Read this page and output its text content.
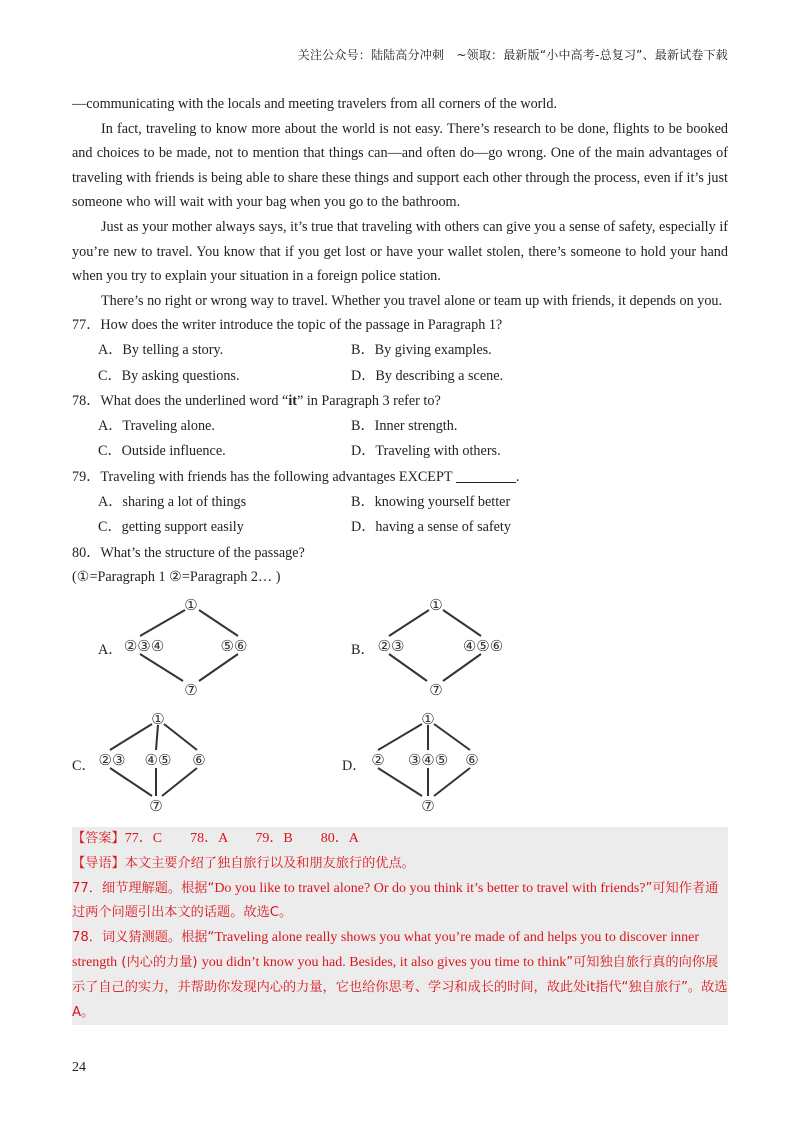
关注公众号：陆陆高分冲刺　~领取：最新版“小中高考-总复习”、最新试卷下载

—communicating with the locals and meeting travelers from all corners of the world.

In fact, traveling to know more about the world is not easy. There’s research to be done, flights to be booked and choices to be made, not to mention that things can—and often do—go wrong. One of the main advantages of traveling with friends is being able to share these things and support each other through the process, even if it’s just someone who will wait with your bag when you go to the bathroom.

Just as your mother always says, it’s true that traveling with others can give you a sense of safety, especially if you’re new to travel. You know that if you get lost or have your wallet stolen, there’s someone to hold your hand when you try to explain your situation in a foreign police station.

There’s no right or wrong way to travel. Whether you travel alone or team up with friends, it depends on you.

77．How does the writer introduce the topic of the passage in Paragraph 1?

A．By telling a story.	B．By giving examples.
C．By asking questions.	D．By describing a scene.

78．What does the underlined word “it” in Paragraph 3 refer to?

A．Traveling alone.	B．Inner strength.
C．Outside influence.	D．Traveling with others.

79．Traveling with friends has the following advantages EXCEPT	.

A．sharing a lot of things	B．knowing yourself better
C．getting support easily	D．having a sense of safety

80．What’s the structure of the passage?

(①=Paragraph 1 ②=Paragraph 2… )

A．
①
②③④	⑤⑥
⑦
B．
①
②③	④⑤⑥
⑦
C．
①
②③ ④⑤ ⑥
⑦
D．
①
② ③④⑤ ⑥
⑦

【答案】77．C　　78．A　　79．B　　80．A

【导语】本文主要介绍了独自旅行以及和朋友旅行的优点。

77．细节理解题。根据“Do you like to travel alone? Or do you think it’s better to travel with friends?”可知作者通过两个问题引出本文的话题。故选C。

78．词义猜测题。根据“Traveling alone really shows you what you’re made of and helps you to discover inner strength (内心的力量) you didn’t know you had. Besides, it also gives you time to think”可知独自旅行真的向你展示了自己的实力，并帮助你发现内心的力量，它也给你思考、学习和成长的时间，故此处it指代“独自旅行”。故选A。

24
